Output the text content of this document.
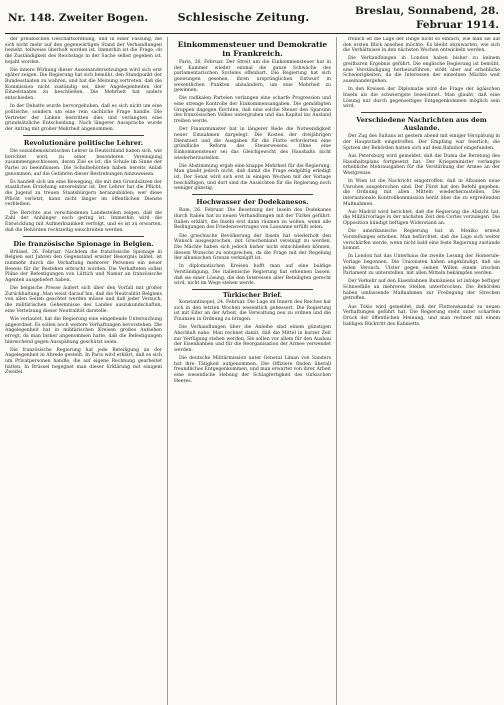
Nr. 148. Zweiter Bogen.	Schlesische Zeitung.	Breslau, Sonnabend, 28. Februar 1914.

der preußischen Geschäftsordnung, und in einer Fassung, die sich nicht mehr auf den gegenwärtigen Stand der Verhandlungen bezieht, teilweise überholt worden ist. Immerhin ist die Frage, ob die Zuständigkeit des Reichstags in der Sache selbst gegeben ist, bejaht worden.

Die innere Wirkung dieser Auseinandersetzungen wird sich erst später zeigen. Die Regierung hat sich bemüht, den Standpunkt der Bundesstaaten zu wahren, und hat die Meinung vertreten, daß die Kommission nicht zuständig sei, über Angelegenheiten der Einzelstaaten zu beschließen. Die Mehrheit hat anders entschieden.

In der Debatte wurde hervorgehoben, daß es sich nicht um eine politische, sondern um eine rein sachliche Frage handle. Die Vertreter der Linken bestritten dies und verlangten eine grundsätzliche Entscheidung. Nach längerer Aussprache wurde der Antrag mit großer Mehrheit angenommen.

Revolutionäre politische Lehrer.

Die sozialdemokratischen Lehrer in Deutschland haben sich, wie berichtet wird, zu einer besonderen Vereinigung zusammengeschlossen, deren Ziel es ist, die Schule im Sinne der Partei zu beeinflussen. Die Schulbehörden haben bereits Anlaß genommen, auf die Gefahren dieser Bestrebungen hinzuweisen.

Es handelt sich um eine Bewegung, die mit den Grundsätzen der staatlichen Erziehung unvereinbar ist. Der Lehrer hat die Pflicht, die Jugend zu treuen Staatsbürgern heranzubilden; wer diese Pflicht verletzt, kann nicht länger im öffentlichen Dienste verbleiben.

Die Berichte aus verschiedenen Landesteilen zeigen, daß die Zahl der Anhänger noch gering ist. Immerhin wird die Entwicklung mit Aufmerksamkeit verfolgt, und es ist zu erwarten, daß die Behörden rechtzeitig einschreiten werden.

Die französische Spionage in Belgien.

Brüssel, 26. Februar. Nachdem die französische Spionage in Belgien seit Jahren den Gegenstand ernster Besorgnis bildet, ist nunmehr durch die Verhaftung mehrerer Personen ein neuer Beweis für ihr Bestehen erbracht worden. Die Verhafteten sollen Pläne der Befestigungen von Lüttich und Namur an französische Agenten ausgeliefert haben.

Die belgische Presse äußert sich über den Vorfall mit großer Zurückhaltung. Man weist darauf hin, daß die Neutralität Belgiens von allen Seiten geachtet werden müsse und daß jeder Versuch, die militärischen Geheimnisse des Landes auszukundschaften, eine Verletzung dieser Neutralität darstelle.

Wie verlautet, hat die Regierung eine eingehende Untersuchung angeordnet. Es sollen noch weitere Verhaftungen bevorstehen. Die Angelegenheit hat in militärischen Kreisen großes Aufsehen erregt, da man bisher angenommen hatte, daß die Befestigungen hinreichend gegen Ausspähung geschützt seien.

Die französische Regierung hat jede Beteiligung an der Angelegenheit in Abrede gestellt. In Paris wird erklärt, daß es sich um Privatpersonen handle, die auf eigene Rechnung gearbeitet hätten. In Brüssel begegnet man dieser Erklärung mit einigem Zweifel.

Einkommensteuer und Demokratie in Frankreich.

Paris, 26. Februar. Der Streit um die Einkommensteuer hat in der Kammer wieder einmal die ganze Schwäche des parlamentarischen Systems offenbart. Die Regierung hat sich gezwungen gesehen, ihren ursprünglichen Entwurf in wesentlichen Punkten abzuändern, um eine Mehrheit zu gewinnen.

Die radikalen Parteien verlangen eine scharfe Progression und eine strenge Kontrolle der Einkommensangaben. Die gemäßigten Gruppen dagegen fürchten, daß eine solche Steuer den Sparsinn des französischen Volkes untergraben und das Kapital ins Ausland treiben werde.

Der Finanzminister hat in längerer Rede die Notwendigkeit neuer Einnahmen dargelegt. Die Kosten der dreijährigen Dienstzeit und die Ausgaben für die Flotte erforderten eine gründliche Reform des Steuerwesens. Ohne eine Einkommensteuer sei das Gleichgewicht des Haushalts nicht wiederherzustellen.

Die Abstimmung ergab eine knappe Mehrheit für die Regierung. Man glaubt jedoch nicht, daß damit die Frage endgültig erledigt ist. Der Senat wird sich erst in einigen Wochen mit der Vorlage beschäftigen, und dort sind die Aussichten für die Regierung noch weniger günstig.

Hochwasser der Dodekanesos.

Rom, 26. Februar. Die Besetzung der Inseln des Dodekanes durch Italien hat zu neuen Verhandlungen mit der Türkei geführt. Italien erklärt, die Inseln erst dann räumen zu wollen, wenn alle Bedingungen des Friedensvertrages von Lausanne erfüllt seien.

Die griechische Bevölkerung der Inseln hat wiederholt den Wunsch ausgesprochen, mit Griechenland vereinigt zu werden. Die Mächte haben sich jedoch bisher nicht entschließen können, diesem Wunsche zu entsprechen, da die Frage mit der Regelung der albanischen Grenze verknüpft ist.

In diplomatischen Kreisen hofft man auf eine baldige Verständigung. Die italienische Regierung hat erkennen lassen, daß sie einer Lösung, die den Interessen aller Beteiligten gerecht wird, nicht im Wege stehen werde.

Türkischer Brief.

Konstantinopel, 24. Februar. Die Lage im Innern des Reiches hat sich in den letzten Wochen wesentlich gebessert. Die Regierung ist mit Eifer an der Arbeit, die Verwaltung neu zu ordnen und die Finanzen in Ordnung zu bringen.

Die Verhandlungen über die Anleihe sind einem günstigen Abschluß nahe. Man rechnet damit, daß die Mittel in kurzer Zeit zur Verfügung stehen werden. Sie sollen vor allem für den Ausbau der Eisenbahnen und für die Reorganisation der Armee verwendet werden.

Die deutsche Militärmission unter General Liman von Sanders hat ihre Tätigkeit aufgenommen. Die Offiziere finden überall freundliches Entgegenkommen, und man erwartet von ihrer Arbeit eine wesentliche Hebung der Schlagfertigkeit des türkischen Heeres.

freilich ist die Lage der Dinge nicht so einfach, wie man sie auf den ersten Blick ansehen möchte. Es bleibt abzuwarten, wie sich die Verhältnisse in den nächsten Wochen entwickeln werden.

Die Verhandlungen in London haben bisher zu keinem greifbaren Ergebnis geführt. Die englische Regierung ist bemüht, eine Verständigung herbeizuführen, stößt aber auf erhebliche Schwierigkeiten, da die Interessen der einzelnen Mächte weit auseinandergehen.

In den Kreisen der Diplomatie wird die Frage der ägäischen Inseln als die schwierigste bezeichnet. Man glaubt, daß eine Lösung nur durch gegenseitiges Entgegenkommen möglich sein wird.

Verschiedene Nachrichten aus dem Auslande.

Der Zug des Sultans ist gestern abend mit einiger Verspätung in der Hauptstadt eingetroffen. Der Empfang war feierlich; die Spitzen der Behörden hatten sich auf dem Bahnhof eingefunden.

Aus Petersburg wird gemeldet, daß die Duma die Beratung des Haushaltsplans fortgesetzt hat. Der Kriegsminister verlangte erhebliche Mehrausgaben für die Verstärkung der Armee an der Westgrenze.

In Wien ist die Nachricht eingetroffen, daß in Albanien neue Unruhen ausgebrochen sind. Der Fürst hat den Befehl gegeben, die Ordnung mit allen Mitteln wiederherzustellen. Die internationale Kontrollkommission berät über die zu ergreifenden Maßnahmen.

Aus Madrid wird berichtet, daß die Regierung die Absicht hat, die Militärvorlage in der nächsten Zeit den Cortes vorzulegen. Die Opposition kündigt heftigen Widerstand an.

Die amerikanische Regierung hat in Mexiko erneut Vorstellungen erhoben. Man befürchtet, daß die Lage sich weiter verschärfen werde, wenn nicht bald eine feste Regierung zustande kommt.

In London hat das Unterhaus die zweite Lesung der Homerule-Vorlage begonnen. Die Unionisten haben angekündigt, daß sie jeden Versuch, Ulster gegen seinen Willen einem irischen Parlament zu unterstellen, mit allen Mitteln bekämpfen werden.

Der Verkehr auf den Eisenbahnen Rumäniens ist infolge heftiger Schneefälle an mehreren Stellen unterbrochen. Die Behörden haben umfassende Maßnahmen zur Freilegung der Strecken getroffen.

Aus Tokio wird gemeldet, daß der Flottenskandal zu neuen Verhaftungen geführt hat. Die Regierung steht unter scharfem Druck der öffentlichen Meinung, und man rechnet mit einem baldigen Rücktritt des Kabinetts.
